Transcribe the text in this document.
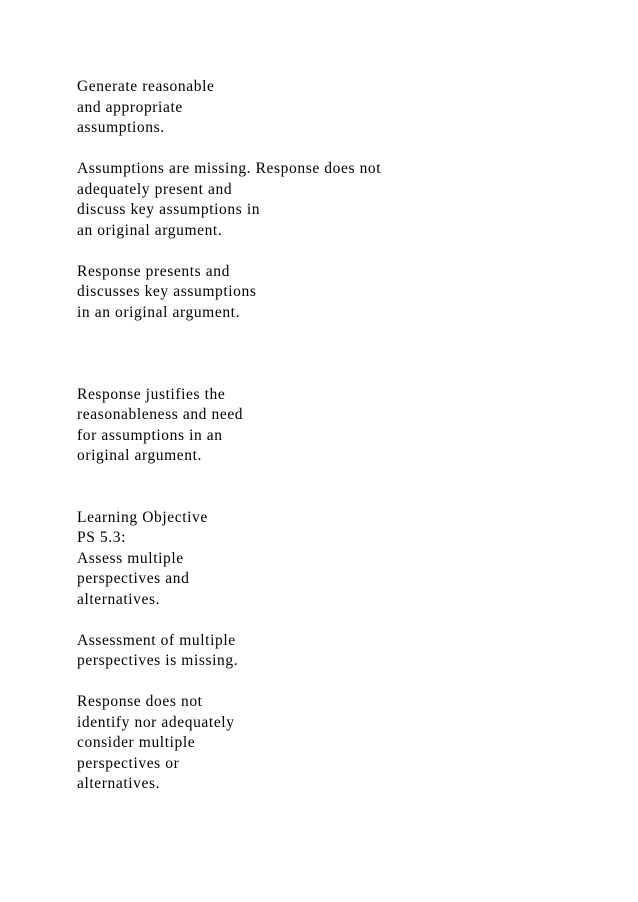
Generate reasonable

and appropriate

assumptions.

Assumptions are missing. Response does not

adequately present and

discuss key assumptions in

an original argument.

Response presents and

discusses key assumptions

in an original argument.

Response justifies the

reasonableness and need

for assumptions in an

original argument.

Learning Objective

PS 5.3:

Assess multiple

perspectives and

alternatives.

Assessment of multiple

perspectives is missing.

Response does not

identify nor adequately

consider multiple

perspectives or

alternatives.
